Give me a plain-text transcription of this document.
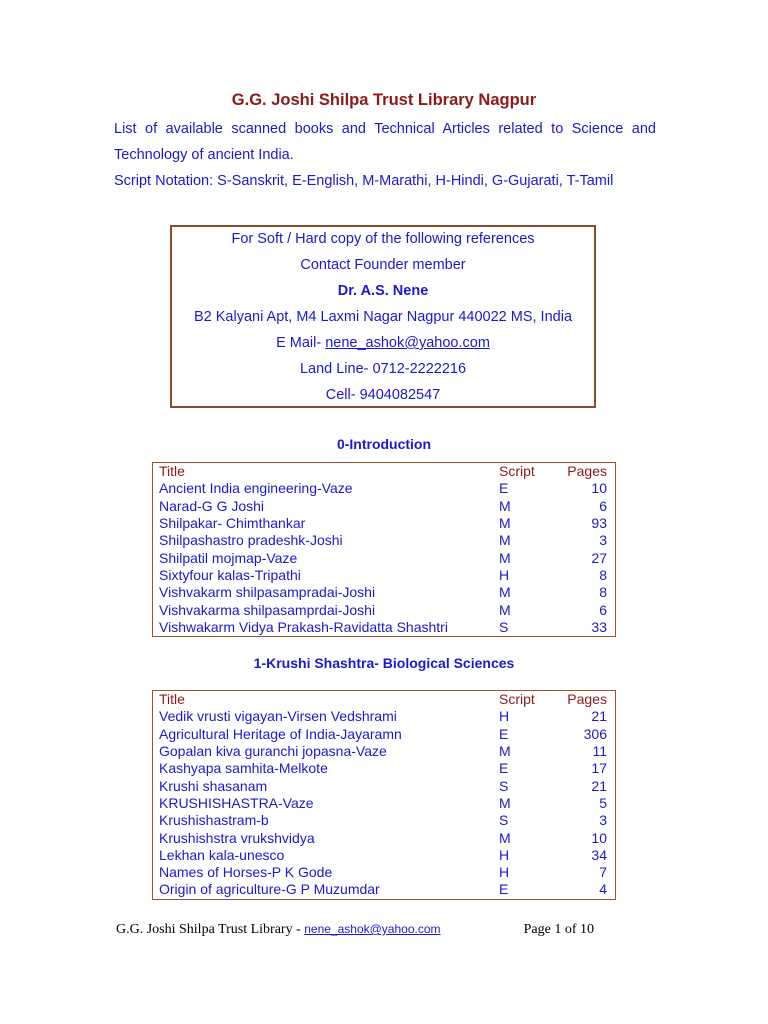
G.G. Joshi Shilpa Trust Library Nagpur

List of available scanned books and Technical Articles related to Science and Technology of ancient India.

Script Notation: S-Sanskrit, E-English, M-Marathi, H-Hindi, G-Gujarati, T-Tamil

For Soft / Hard copy of the following references
Contact Founder member
Dr. A.S. Nene
B2 Kalyani Apt, M4 Laxmi Nagar Nagpur 440022 MS, India
E Mail- nene_ashok@yahoo.com
Land Line- 0712-2222216
Cell- 9404082547
0-Introduction
Title	Script	Pages
Ancient India engineering-Vaze	E	10
Narad-G G Joshi	M	6
Shilpakar- Chimthankar	M	93
Shilpashastro pradeshk-Joshi	M	3
Shilpatil mojmap-Vaze	M	27
Sixtyfour kalas-Tripathi	H	8
Vishvakarm shilpasampradai-Joshi	M	8
Vishvakarma shilpasamprdai-Joshi	M	6
Vishwakarm Vidya Prakash-Ravidatta Shashtri	S	33
1-Krushi Shashtra- Biological Sciences
Title	Script	Pages
Vedik vrusti vigayan-Virsen Vedshrami	H	21
Agricultural Heritage of India-Jayaramn	E	306
Gopalan kiva guranchi jopasna-Vaze	M	11
Kashyapa samhita-Melkote	E	17
Krushi shasanam	S	21
KRUSHISHASTRA-Vaze	M	5
Krushishastram-b	S	3
Krushishstra vrukshvidya	M	10
Lekhan kala-unesco	H	34
Names of Horses-P K Gode	H	7
Origin of agriculture-G P Muzumdar	E	4
G.G. Joshi Shilpa Trust Library - nene_ashok@yahoo.com	Page 1 of 10
